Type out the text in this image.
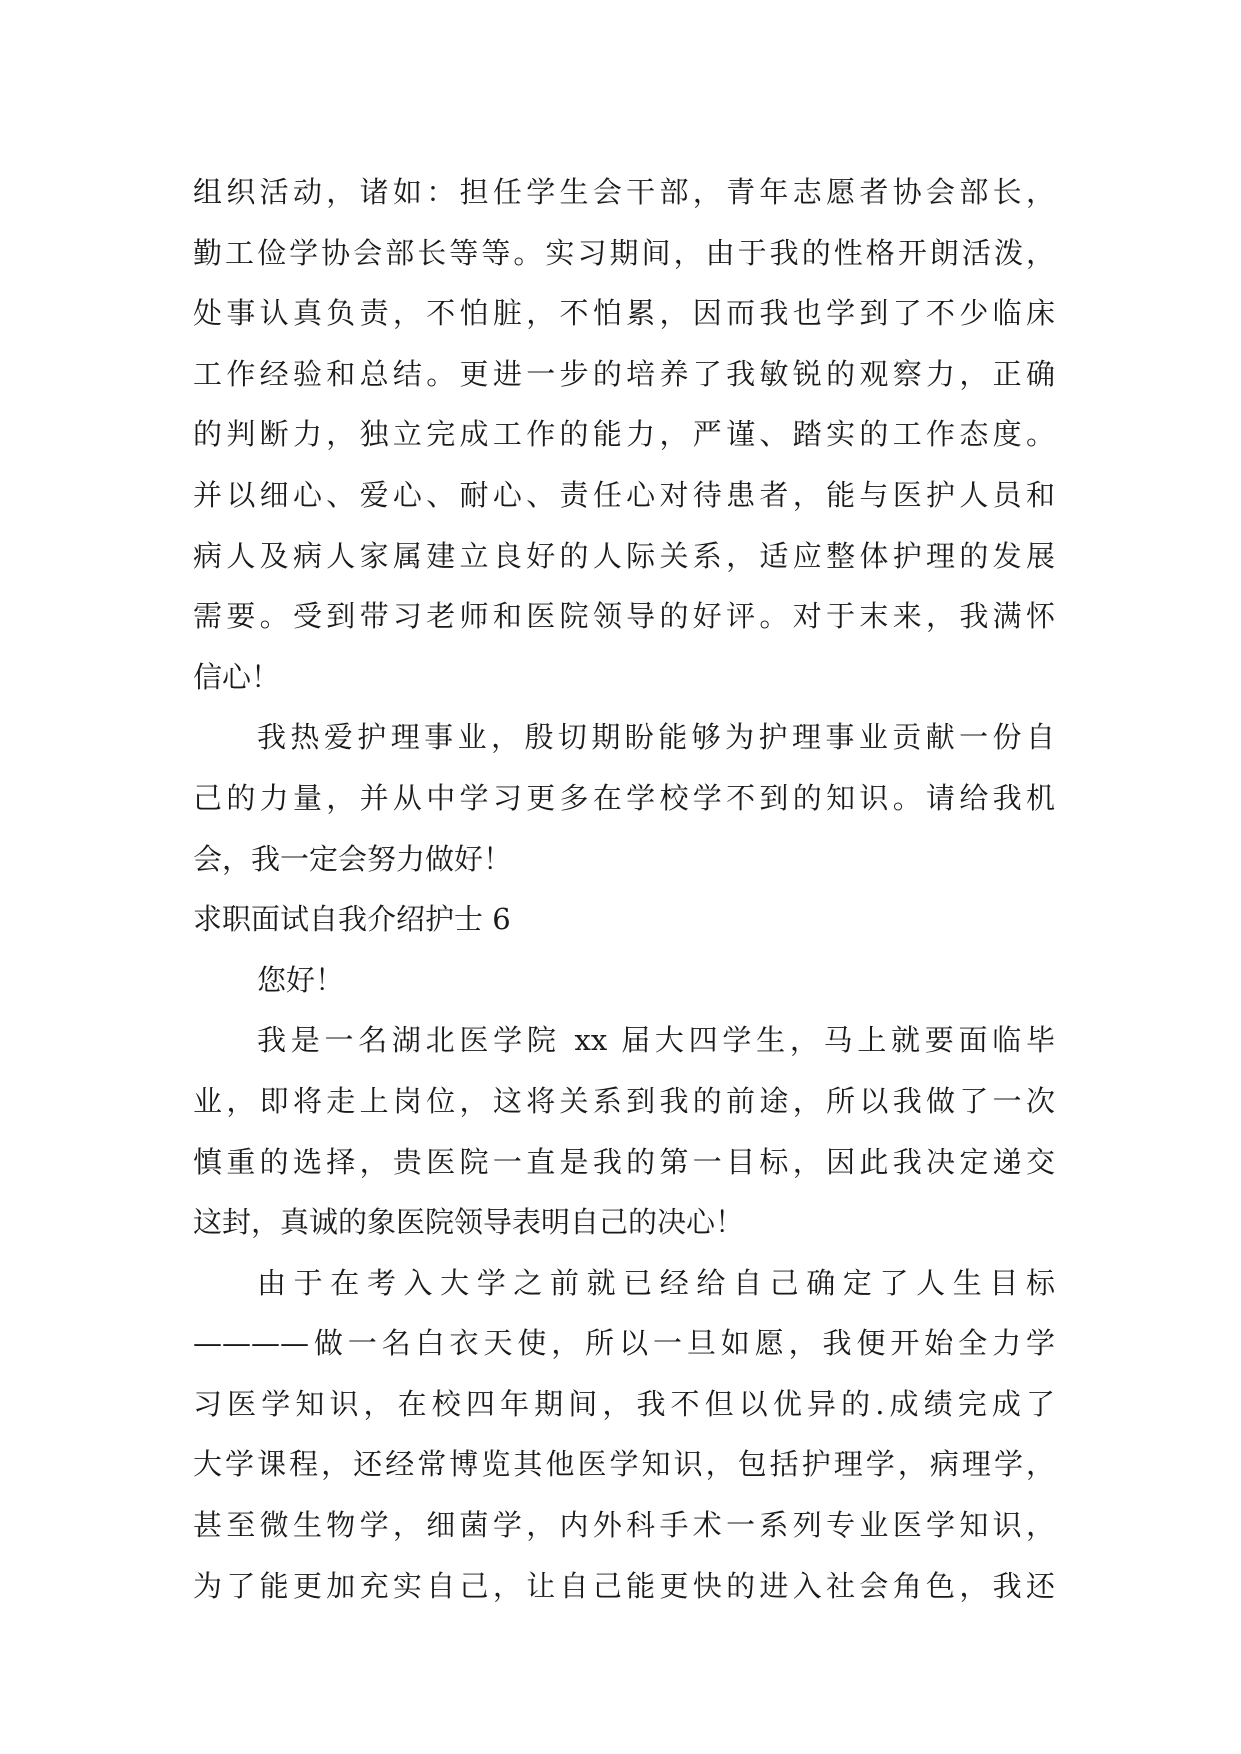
组织活动，诸如：担任学生会干部，青年志愿者协会部长，
勤工俭学协会部长等等。实习期间，由于我的性格开朗活泼，
处事认真负责，不怕脏，不怕累，因而我也学到了不少临床
工作经验和总结。更进一步的培养了我敏锐的观察力，正确
的判断力，独立完成工作的能力，严谨、踏实的工作态度。
并以细心、爱心、耐心、责任心对待患者，能与医护人员和
病人及病人家属建立良好的人际关系，适应整体护理的发展
需要。受到带习老师和医院领导的好评。对于末来，我满怀
信心！
我热爱护理事业，殷切期盼能够为护理事业贡献一份自
己的力量，并从中学习更多在学校学不到的知识。请给我机
会，我一定会努力做好！
求职面试自我介绍护士 6
您好！
我是一名湖北医学院 xx 届大四学生，马上就要面临毕
业，即将走上岗位，这将关系到我的前途，所以我做了一次
慎重的选择，贵医院一直是我的第一目标，因此我决定递交
这封，真诚的象医院领导表明自己的决心！
由于在考入大学之前就已经给自己确定了人生目标
————做一名白衣天使，所以一旦如愿，我便开始全力学
习医学知识，在校四年期间，我不但以优异的.成绩完成了
大学课程，还经常博览其他医学知识，包括护理学，病理学，
甚至微生物学，细菌学，内外科手术一系列专业医学知识，
为了能更加充实自己，让自己能更快的进入社会角色，我还
